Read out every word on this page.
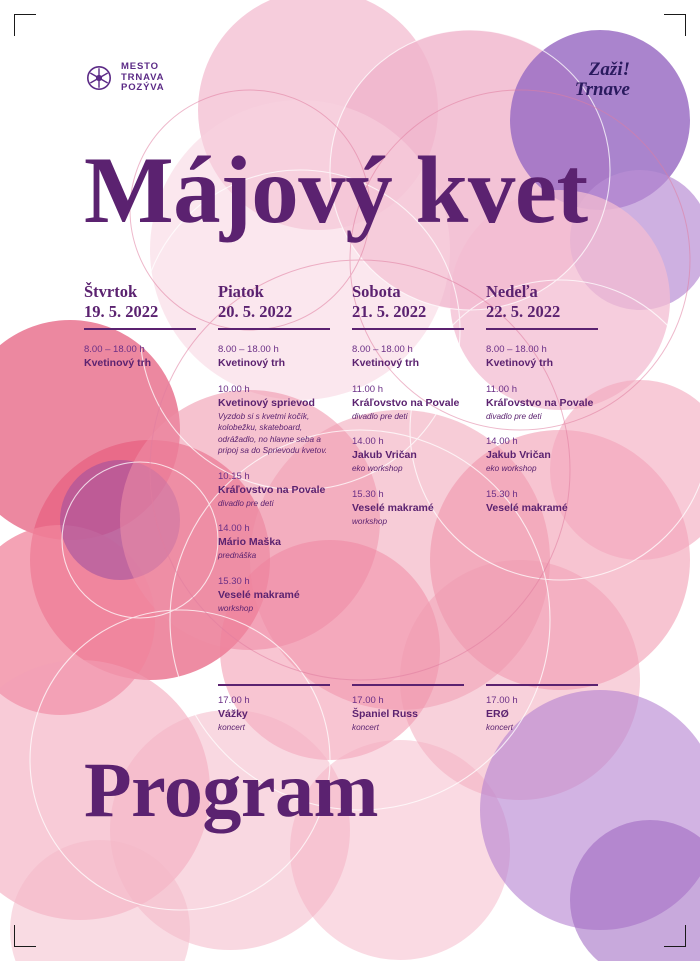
MESTO
TRNAVA
POZÝVA
Zaži!
Trnave
Májový kvet
Štvrtok
19. 5. 2022
8.00 – 18.00 h
Kvetinový trh
Piatok
20. 5. 2022
8.00 – 18.00 h
Kvetinový trh
10.00 h
Kvetinový sprievod
Vyzdob si s kvetmi kočík, kolobežku, skateboard, odrážadlo, no hlavne seba a pripoj sa do Sprievodu kvetov.
10.15 h
Kráľovstvo na Povale
divadlo pre deti
14.00 h
Mário Maška
prednáška
15.30 h
Veselé makramé
workshop
Sobota
21. 5. 2022
8.00 – 18.00 h
Kvetinový trh
11.00 h
Kráľovstvo na Povale
divadlo pre deti
14.00 h
Jakub Vričan
eko workshop
15.30 h
Veselé makramé
workshop
Nedeľa
22. 5. 2022
8.00 – 18.00 h
Kvetinový trh
11.00 h
Kráľovstvo na Povale
divadlo pre deti
14.00 h
Jakub Vričan
eko workshop
15.30 h
Veselé makramé
17.00 h
Vážky
koncert
17.00 h
Španiel Russ
koncert
17.00 h
ERØ
koncert
Program
